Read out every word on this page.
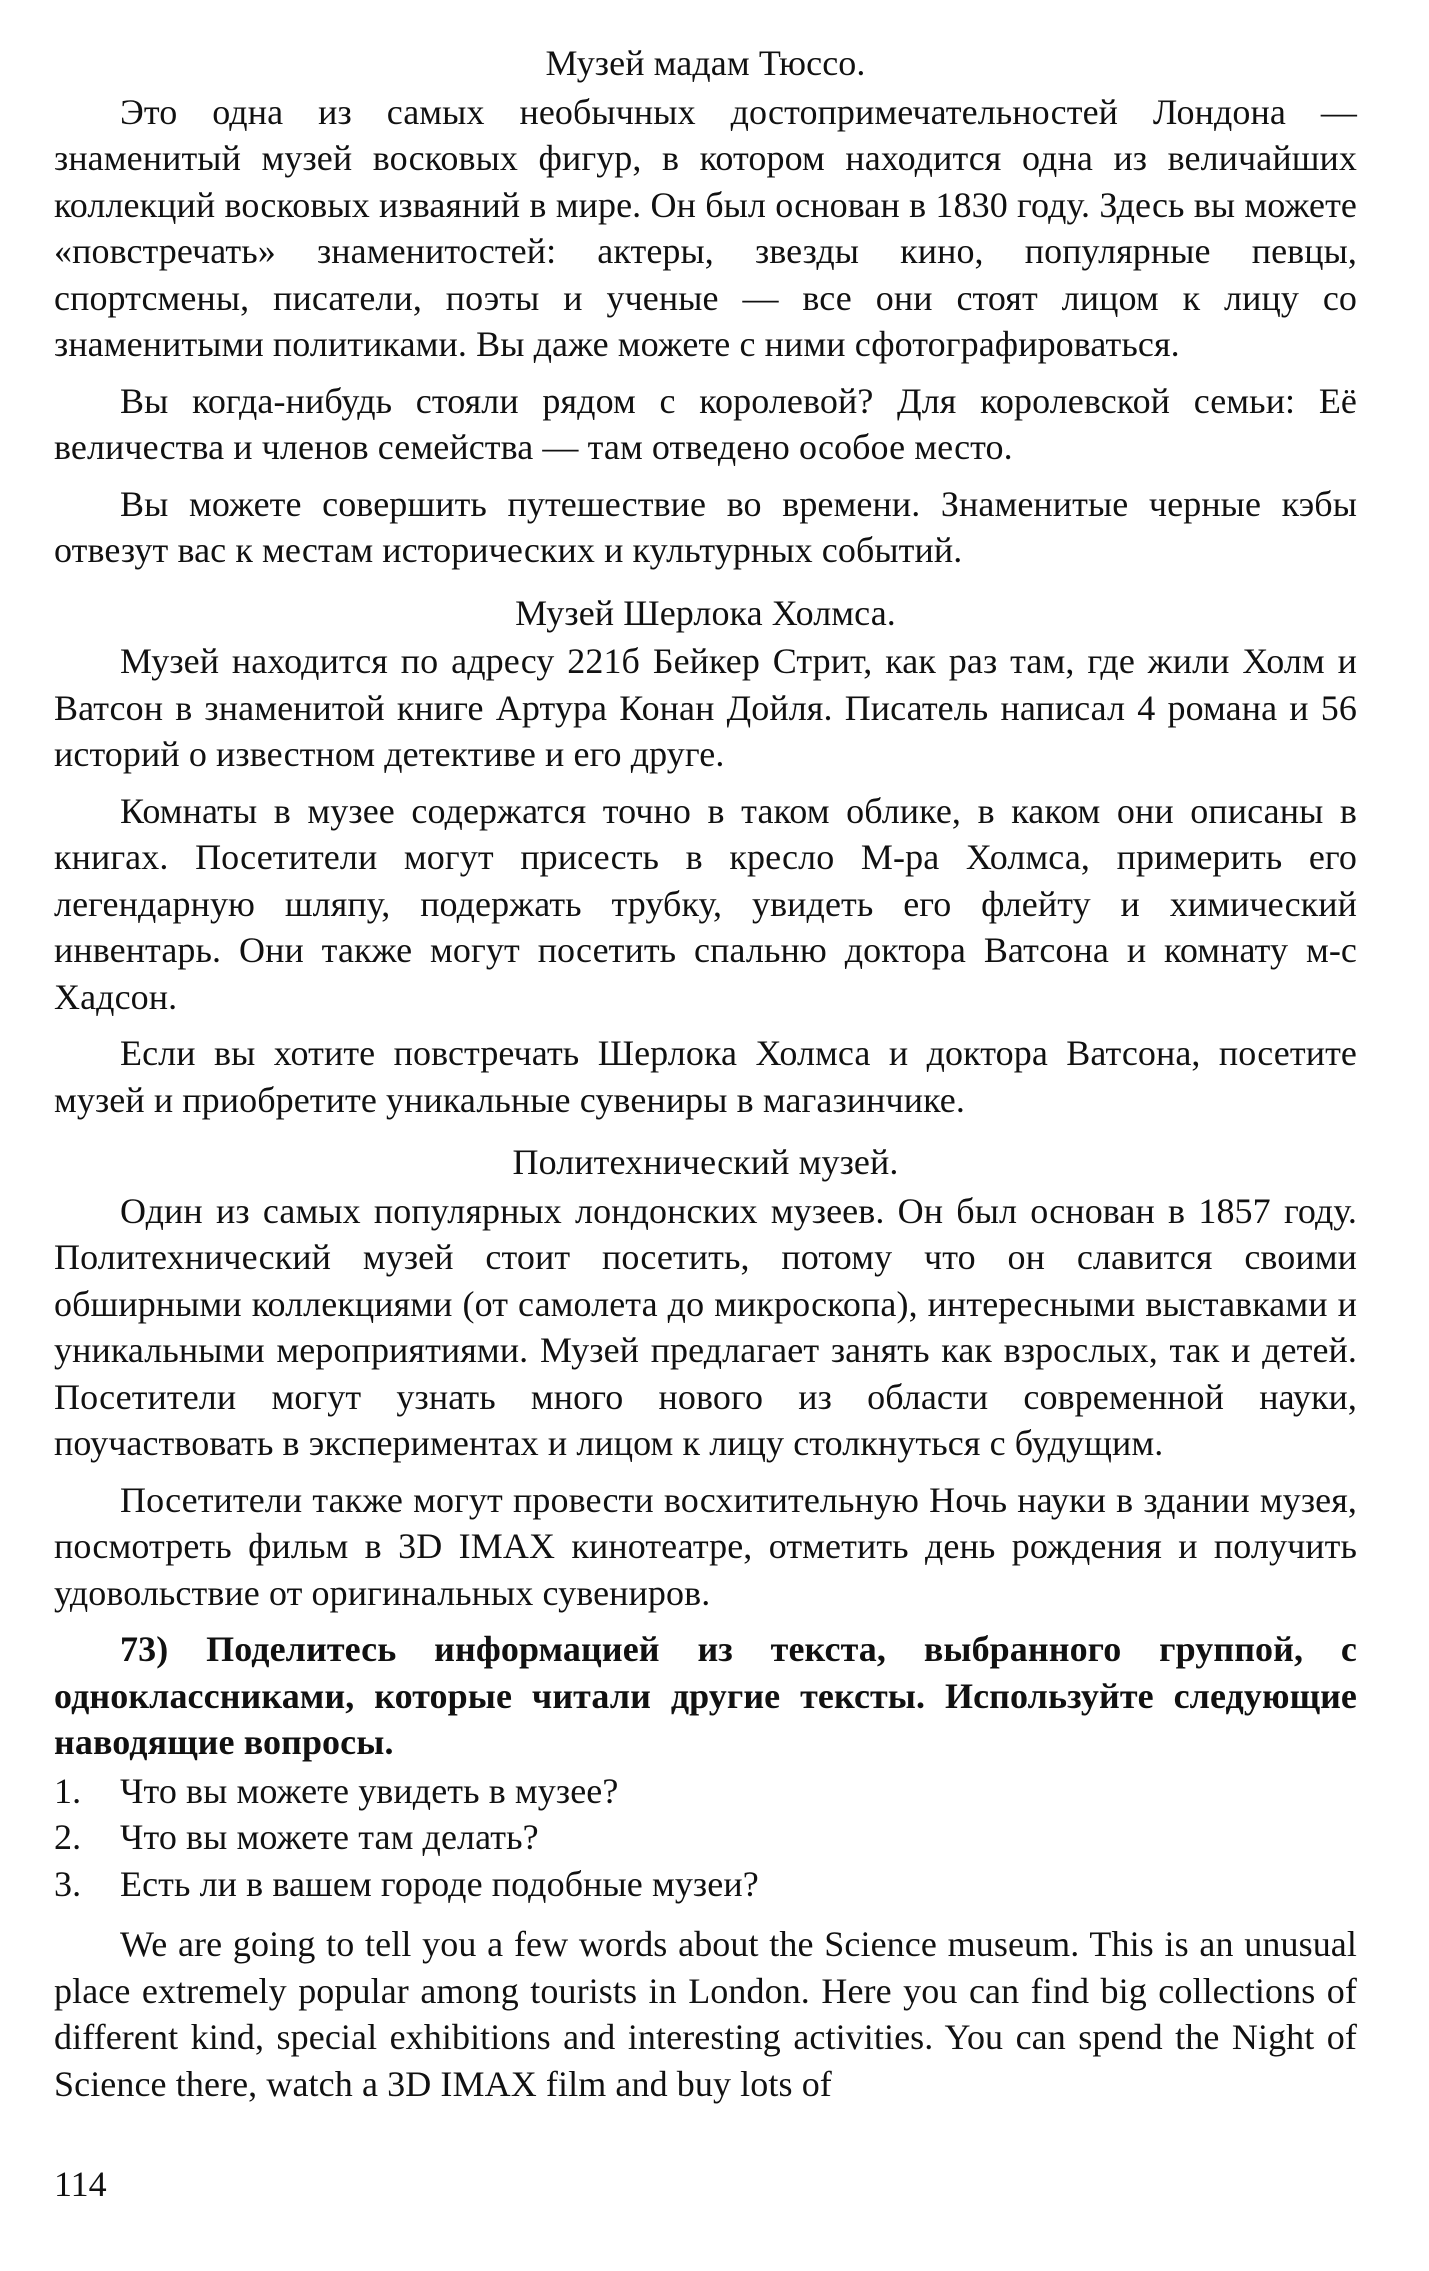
Музей мадам Тюссо.

Это одна из самых необычных достопримечательностей Лондона — знаменитый музей восковых фигур, в котором находится одна из величайших коллекций восковых изваяний в мире. Он был основан в 1830 году. Здесь вы можете «повстречать» знаменитостей: актеры, звезды кино, популярные певцы, спортсмены, писатели, поэты и ученые — все они стоят лицом к лицу со знаменитыми политиками. Вы даже можете с ними сфотографироваться.

Вы когда-нибудь стояли рядом с королевой? Для королевской семьи: Её величества и членов семейства — там отведено особое место.

Вы можете совершить путешествие во времени. Знаменитые черные кэбы отвезут вас к местам исторических и культурных событий.

Музей Шерлока Холмса.

Музей находится по адресу 221б Бейкер Стрит, как раз там, где жили Холм и Ватсон в знаменитой книге Артура Конан Дойля. Писатель написал 4 романа и 56 историй о известном детективе и его друге.

Комнаты в музее содержатся точно в таком облике, в каком они описаны в книгах. Посетители могут присесть в кресло М-ра Холмса, примерить его легендарную шляпу, подержать трубку, увидеть его флейту и химический инвентарь. Они также могут посетить спальню доктора Ватсона и комнату м-с Хадсон.

Если вы хотите повстречать Шерлока Холмса и доктора Ватсона, посетите музей и приобретите уникальные сувениры в магазинчике.

Политехнический музей.

Один из самых популярных лондонских музеев. Он был основан в 1857 году. Политехнический музей стоит посетить, потому что он славится своими обширными коллекциями (от самолета до микроскопа), интересными выставками и уникальными мероприятиями. Музей предлагает занять как взрослых, так и детей. Посетители могут узнать много нового из области современной науки, поучаствовать в экспериментах и лицом к лицу столкнуться с будущим.

Посетители также могут провести восхитительную Ночь науки в здании музея, посмотреть фильм в 3D IMAX кинотеатре, отметить день рождения и получить удовольствие от оригинальных сувениров.

73) Поделитесь информацией из текста, выбранного группой, с одноклассниками, которые читали другие тексты. Используйте следующие наводящие вопросы.
1. Что вы можете увидеть в музее?
2. Что вы можете там делать?
3. Есть ли в вашем городе подобные музеи?

We are going to tell you a few words about the Science museum. This is an unusual place extremely popular among tourists in London. Here you can find big collections of different kind, special exhibitions and interesting activities. You can spend the Night of Science there, watch a 3D IMAX film and buy lots of

114
